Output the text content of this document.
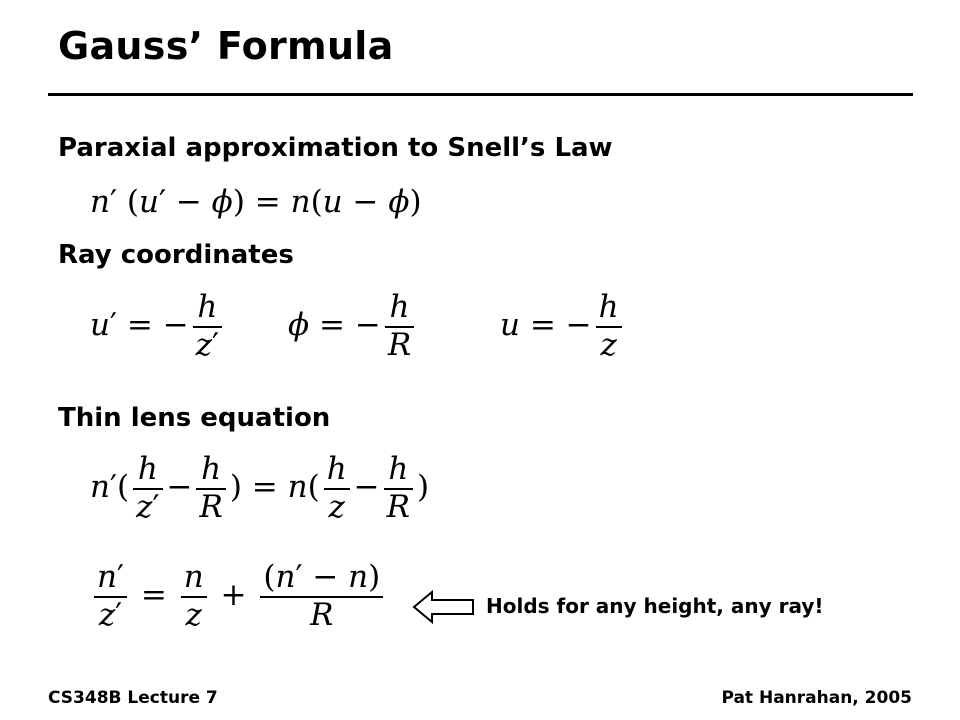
Gauss’ Formula
Paraxial approximation to Snell’s Law
n′ (u′ − ϕ) = n(u − ϕ)
Ray coordinates
u′ = − $\frac{h}{z'}$ ϕ = − $\frac{h}{R}$	u = − $\frac{h}{z}$
Thin lens equation
$n'( \frac{h}{z'} - \frac{h}{R}$ ) = $n( \frac{h}{z} - \frac{h}{R}$ )
$\frac{n'}{z'} = \frac{n}{z} + \frac{(n' - n)}{R}$	Holds for any height, any ray!
CS348B Lecture 7	Pat Hanrahan, 2005
